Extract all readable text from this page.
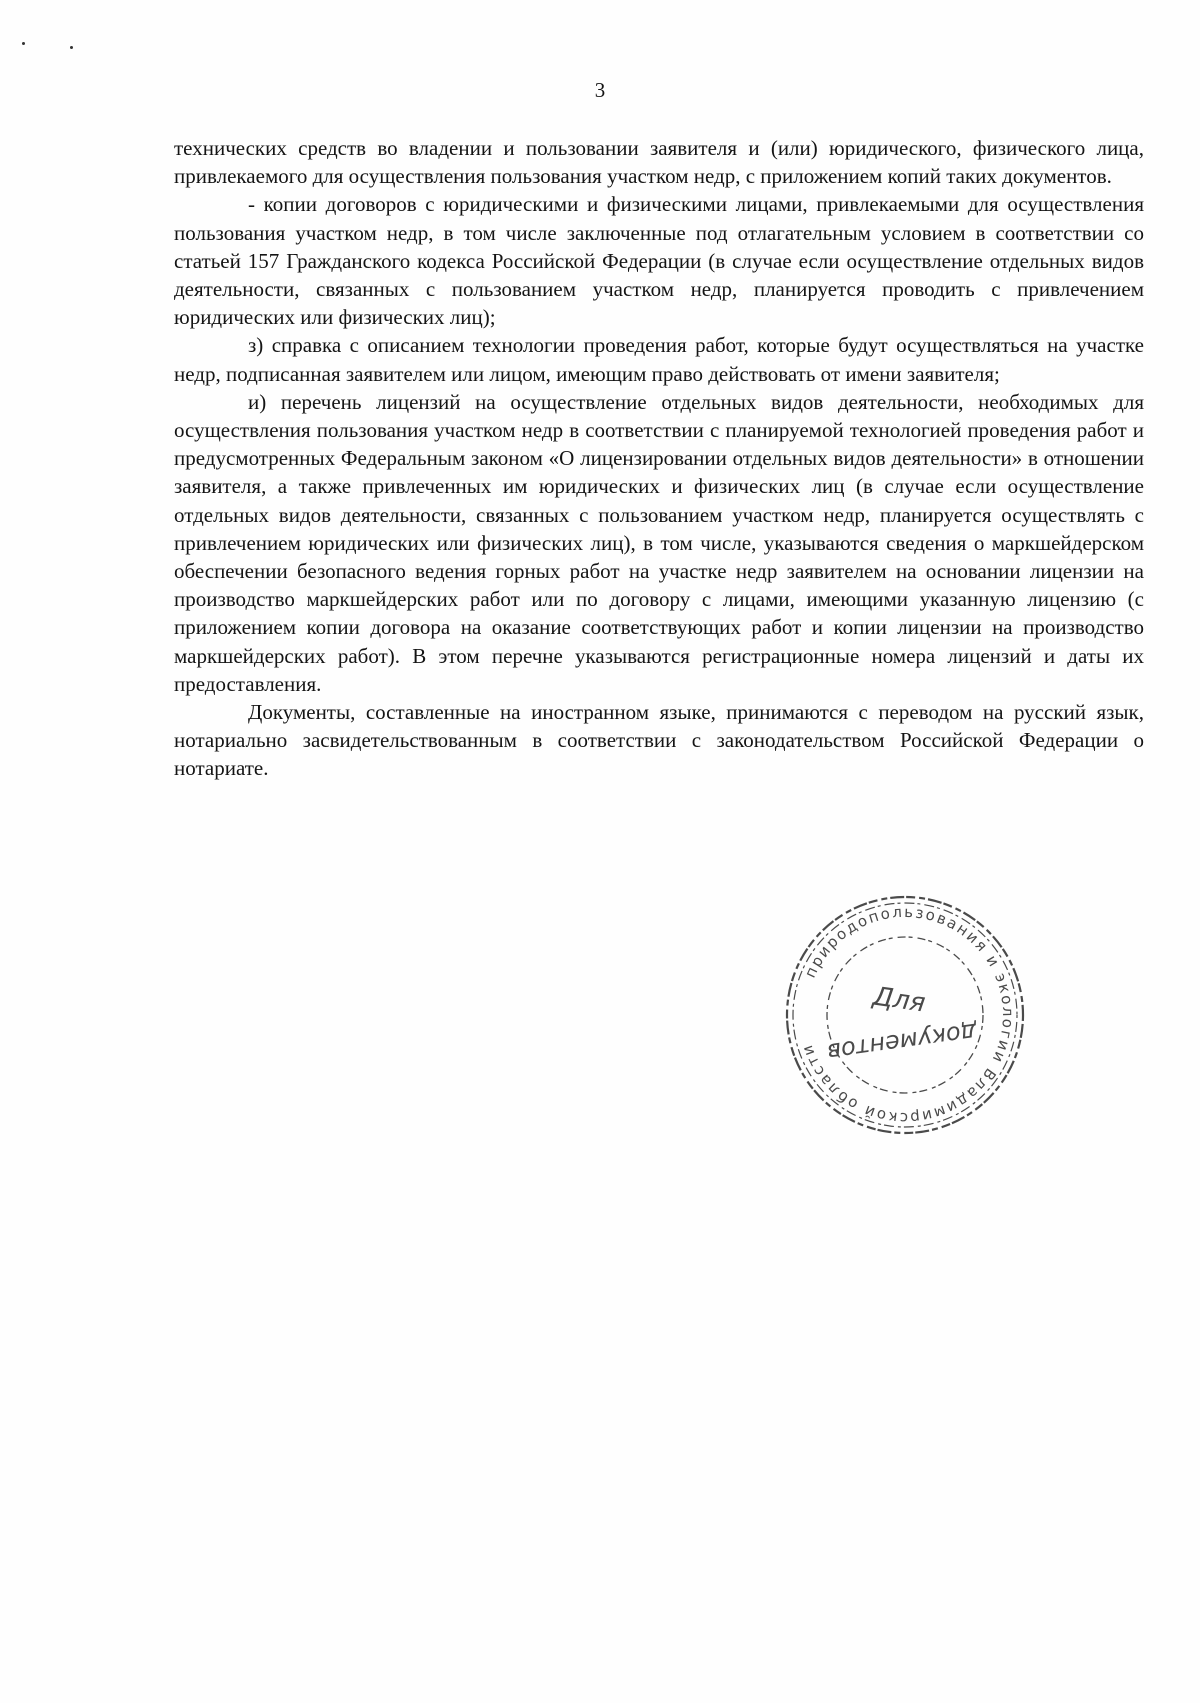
3

технических средств во владении и пользовании заявителя и (или) юридического, физического лица, привлекаемого для осуществления пользования участком недр, с приложением копий таких документов.

- копии договоров с юридическими и физическими лицами, привлекаемыми для осуществления пользования участком недр, в том числе заключенные под отлагательным условием в соответствии со статьей 157 Гражданского кодекса Российской Федерации (в случае если осуществление отдельных видов деятельности, связанных с пользованием участком недр, планируется проводить с привлечением юридических или физических лиц);

з) справка с описанием технологии проведения работ, которые будут осуществляться на участке недр, подписанная заявителем или лицом, имеющим право действовать от имени заявителя;

и) перечень лицензий на осуществление отдельных видов деятельности, необходимых для осуществления пользования участком недр в соответствии с планируемой технологией проведения работ и предусмотренных Федеральным законом «О лицензировании отдельных видов деятельности» в отношении заявителя, а также привлеченных им юридических и физических лиц (в случае если осуществление отдельных видов деятельности, связанных с пользованием участком недр, планируется осуществлять с привлечением юридических или физических лиц), в том числе, указываются сведения о маркшейдерском обеспечении безопасного ведения горных работ на участке недр заявителем на основании лицензии на производство маркшейдерских работ или по договору с лицами, имеющими указанную лицензию (с приложением копии договора на оказание соответствующих работ и копии лицензии на производство маркшейдерских работ). В этом перечне указываются регистрационные номера лицензий и даты их предоставления.

Документы, составленные на иностранном языке, принимаются с переводом на русский язык, нотариально засвидетельствованным в соответствии с законодательством Российской Федерации о нотариате.

природопользования и экологии Владимирской области
Для
документов
